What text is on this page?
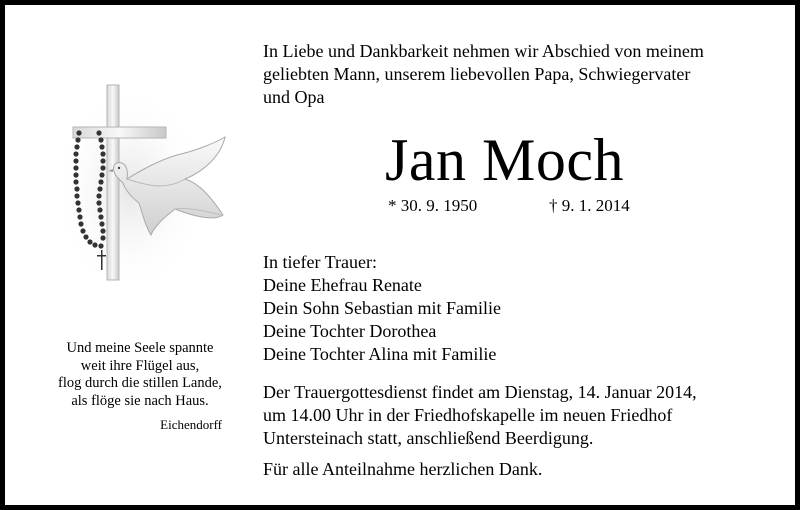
Und meine Seele spannte
weit ihre Flügel aus,
flog durch die stillen Lande,
als flöge sie nach Haus.
Eichendorff
In Liebe und Dankbarkeit nehmen wir Abschied von meinem
geliebten Mann, unserem liebevollen Papa, Schwiegervater
und Opa
Jan Moch
* 30. 9. 1950	† 9. 1. 2014
In tiefer Trauer:
Deine Ehefrau Renate
Dein Sohn Sebastian mit Familie
Deine Tochter Dorothea
Deine Tochter Alina mit Familie
Der Trauergottesdienst findet am Dienstag, 14. Januar 2014,
um 14.00 Uhr in der Friedhofskapelle im neuen Friedhof
Untersteinach statt, anschließend Beerdigung.
Für alle Anteilnahme herzlichen Dank.
